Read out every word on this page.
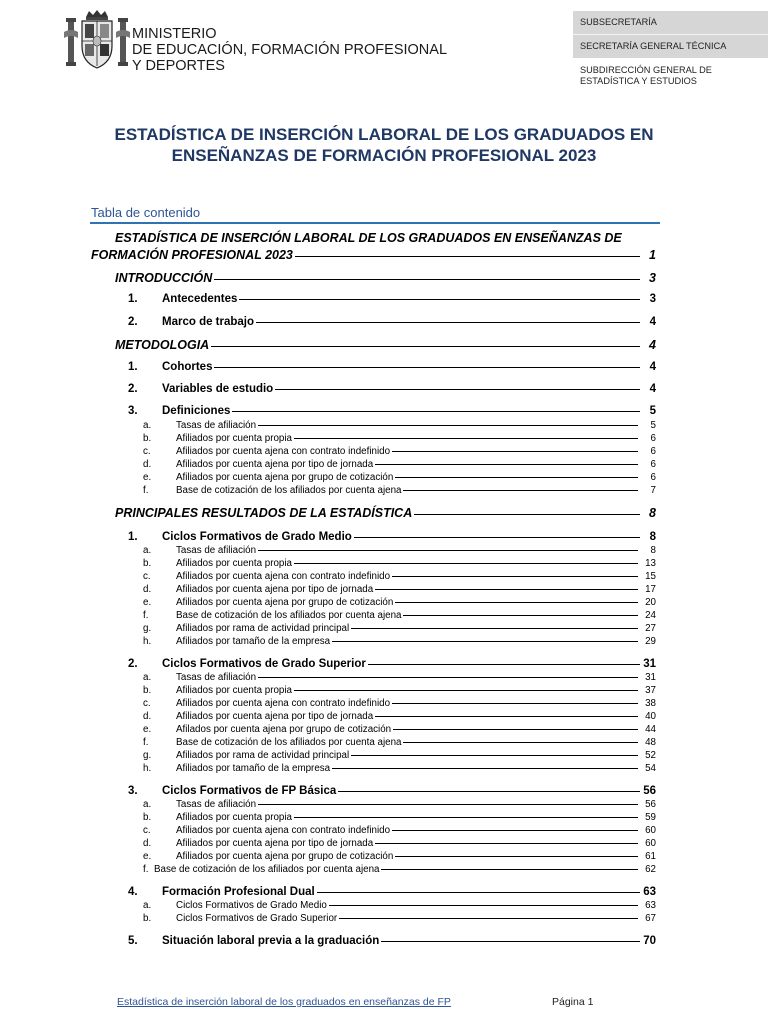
MINISTERIO
DE EDUCACIÓN, FORMACIÓN PROFESIONAL
Y DEPORTES
SUBSECRETARÍA
SECRETARÍA GENERAL TÉCNICA
SUBDIRECCIÓN GENERAL DE
ESTADÍSTICA Y ESTUDIOS
ESTADÍSTICA DE INSERCIÓN LABORAL DE LOS GRADUADOS EN
ENSEÑANZAS DE FORMACIÓN PROFESIONAL 2023
Tabla de contenido
ESTADÍSTICA DE INSERCIÓN LABORAL DE LOS GRADUADOS EN ENSEÑANZAS DE
FORMACIÓN PROFESIONAL 2023	1
INTRODUCCIÓN	3
1.	Antecedentes	3
2.	Marco de trabajo	4
METODOLOGIA	4
1.	Cohortes	4
2.	Variables de estudio	4
3.	Definiciones	5
a.	Tasas de afiliación	5
b.	Afiliados por cuenta propia	6
c.	Afiliados por cuenta ajena con contrato indefinido	6
d.	Afiliados por cuenta ajena por tipo de jornada	6
e.	Afiliados por cuenta ajena por grupo de cotización	6
f.	Base de cotización de los afiliados por cuenta ajena	7
PRINCIPALES RESULTADOS DE LA ESTADÍSTICA	8
1.	Ciclos Formativos de Grado Medio	8
a.	Tasas de afiliación	8
b.	Afiliados por cuenta propia	13
c.	Afiliados por cuenta ajena con contrato indefinido	15
d.	Afiliados por cuenta ajena por tipo de jornada	17
e.	Afiliados por cuenta ajena por grupo de cotización	20
f.	Base de cotización de los afiliados por cuenta ajena	24
g.	Afiliados por rama de actividad principal	27
h.	Afiliados por tamaño de la empresa	29
2.	Ciclos Formativos de Grado Superior	31
a.	Tasas de afiliación	31
b.	Afiliados por cuenta propia	37
c.	Afiliados por cuenta ajena con contrato indefinido	38
d.	Afiliados por cuenta ajena por tipo de jornada	40
e.	Afilados por cuenta ajena por grupo de cotización	44
f.	Base de cotización de los afiliados por cuenta ajena	48
g.	Afiliados por rama de actividad principal	52
h.	Afiliados por tamaño de la empresa	54
3.	Ciclos Formativos de FP Básica	56
a.	Tasas de afiliación	56
b.	Afiliados por cuenta propia	59
c.	Afiliados por cuenta ajena con contrato indefinido	60
d.	Afiliados por cuenta ajena por tipo de jornada	60
e.	Afiliados por cuenta ajena por grupo de cotización	61
f. Base de cotización de los afiliados por cuenta ajena	62
4.	Formación Profesional Dual	63
a.	Ciclos Formativos de Grado Medio	63
b.	Ciclos Formativos de Grado Superior	67
5.	Situación laboral previa a la graduación	70
Estadística de inserción laboral de los graduados en enseñanzas de FP	Página 1
